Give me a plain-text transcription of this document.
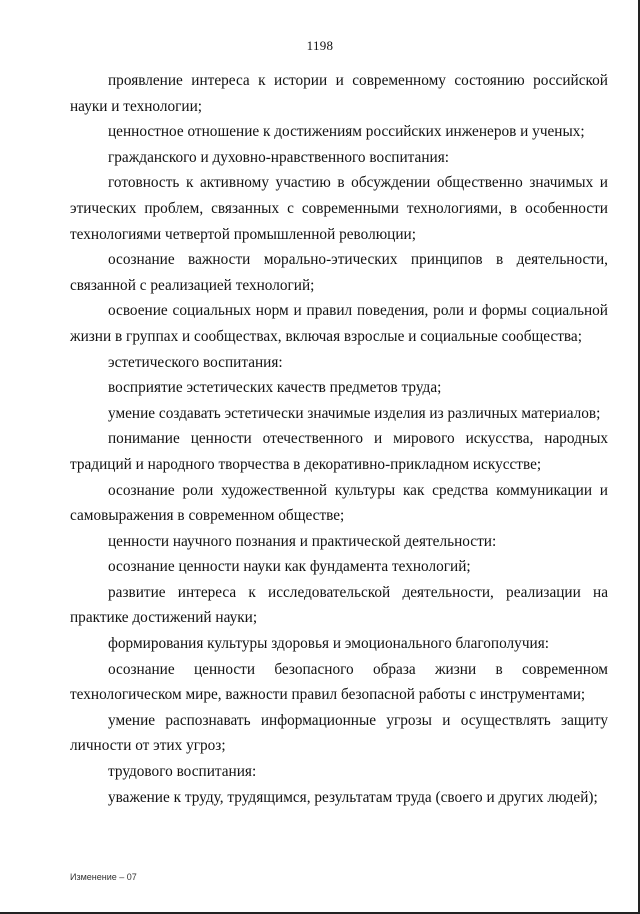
1198

проявление интереса к истории и современному состоянию российской науки и технологии;

ценностное отношение к достижениям российских инженеров и ученых;

гражданского и духовно-нравственного воспитания:

готовность к активному участию в обсуждении общественно значимых и этических проблем, связанных с современными технологиями, в особенности технологиями четвертой промышленной революции;

осознание важности морально-этических принципов в деятельности, связанной с реализацией технологий;

освоение социальных норм и правил поведения, роли и формы социальной жизни в группах и сообществах, включая взрослые и социальные сообщества;

эстетического воспитания:

восприятие эстетических качеств предметов труда;

умение создавать эстетически значимые изделия из различных материалов;

понимание ценности отечественного и мирового искусства, народных традиций и народного творчества в декоративно-прикладном искусстве;

осознание роли художественной культуры как средства коммуникации и самовыражения в современном обществе;

ценности научного познания и практической деятельности:

осознание ценности науки как фундамента технологий;

развитие интереса к исследовательской деятельности, реализации на практике достижений науки;

формирования культуры здоровья и эмоционального благополучия:

осознание ценности безопасного образа жизни в современном технологическом мире, важности правил безопасной работы с инструментами;

умение распознавать информационные угрозы и осуществлять защиту личности от этих угроз;

трудового воспитания:

уважение к труду, трудящимся, результатам труда (своего и других людей);

Изменение – 07
